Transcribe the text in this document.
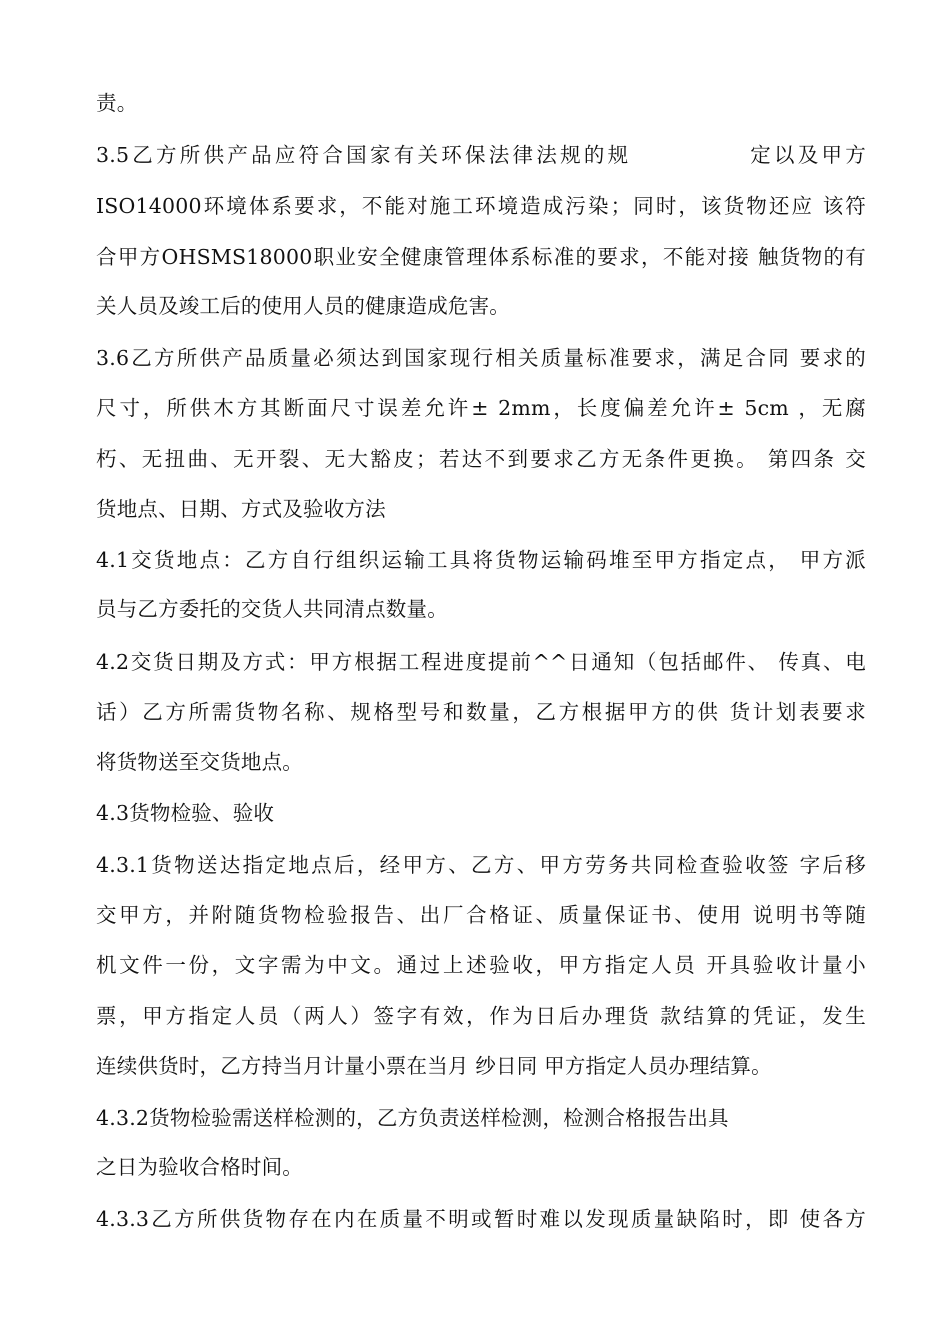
责。
3.5乙方所供产品应符合国家有关环保法律法规的规　　　　　定以及甲方
ISO14000环境体系要求，不能对施工环境造成污染；同时，该货物还应 该符
合甲方OHSMS18000职业安全健康管理体系标准的要求，不能对接 触货物的有
关人员及竣工后的使用人员的健康造成危害。
3.6乙方所供产品质量必须达到国家现行相关质量标准要求，满足合同 要求的
尺寸，所供木方其断面尺寸误差允许± 2mm，长度偏差允许± 5cm ，无腐
朽、无扭曲、无开裂、无大豁皮；若达不到要求乙方无条件更换。 第四条 交
货地点、日期、方式及验收方法
4.1交货地点：乙方自行组织运输工具将货物运输码堆至甲方指定点， 甲方派
员与乙方委托的交货人共同清点数量。
4.2交货日期及方式：甲方根据工程进度提前^^日通知（包括邮件、 传真、电
话）乙方所需货物名称、规格型号和数量，乙方根据甲方的供 货计划表要求
将货物送至交货地点。
4.3货物检验、验收
4.3.1货物送达指定地点后，经甲方、乙方、甲方劳务共同检查验收签 字后移
交甲方，并附随货物检验报告、出厂合格证、质量保证书、使用 说明书等随
机文件一份，文字需为中文。通过上述验收，甲方指定人员 开具验收计量小
票，甲方指定人员（两人）签字有效，作为日后办理货 款结算的凭证，发生
连续供货时，乙方持当月计量小票在当月 纱日同 甲方指定人员办理结算。
4.3.2货物检验需送样检测的，乙方负责送样检测，检测合格报告出具
之日为验收合格时间。
4.3.3乙方所供货物存在内在质量不明或暂时难以发现质量缺陷时，即 使各方
